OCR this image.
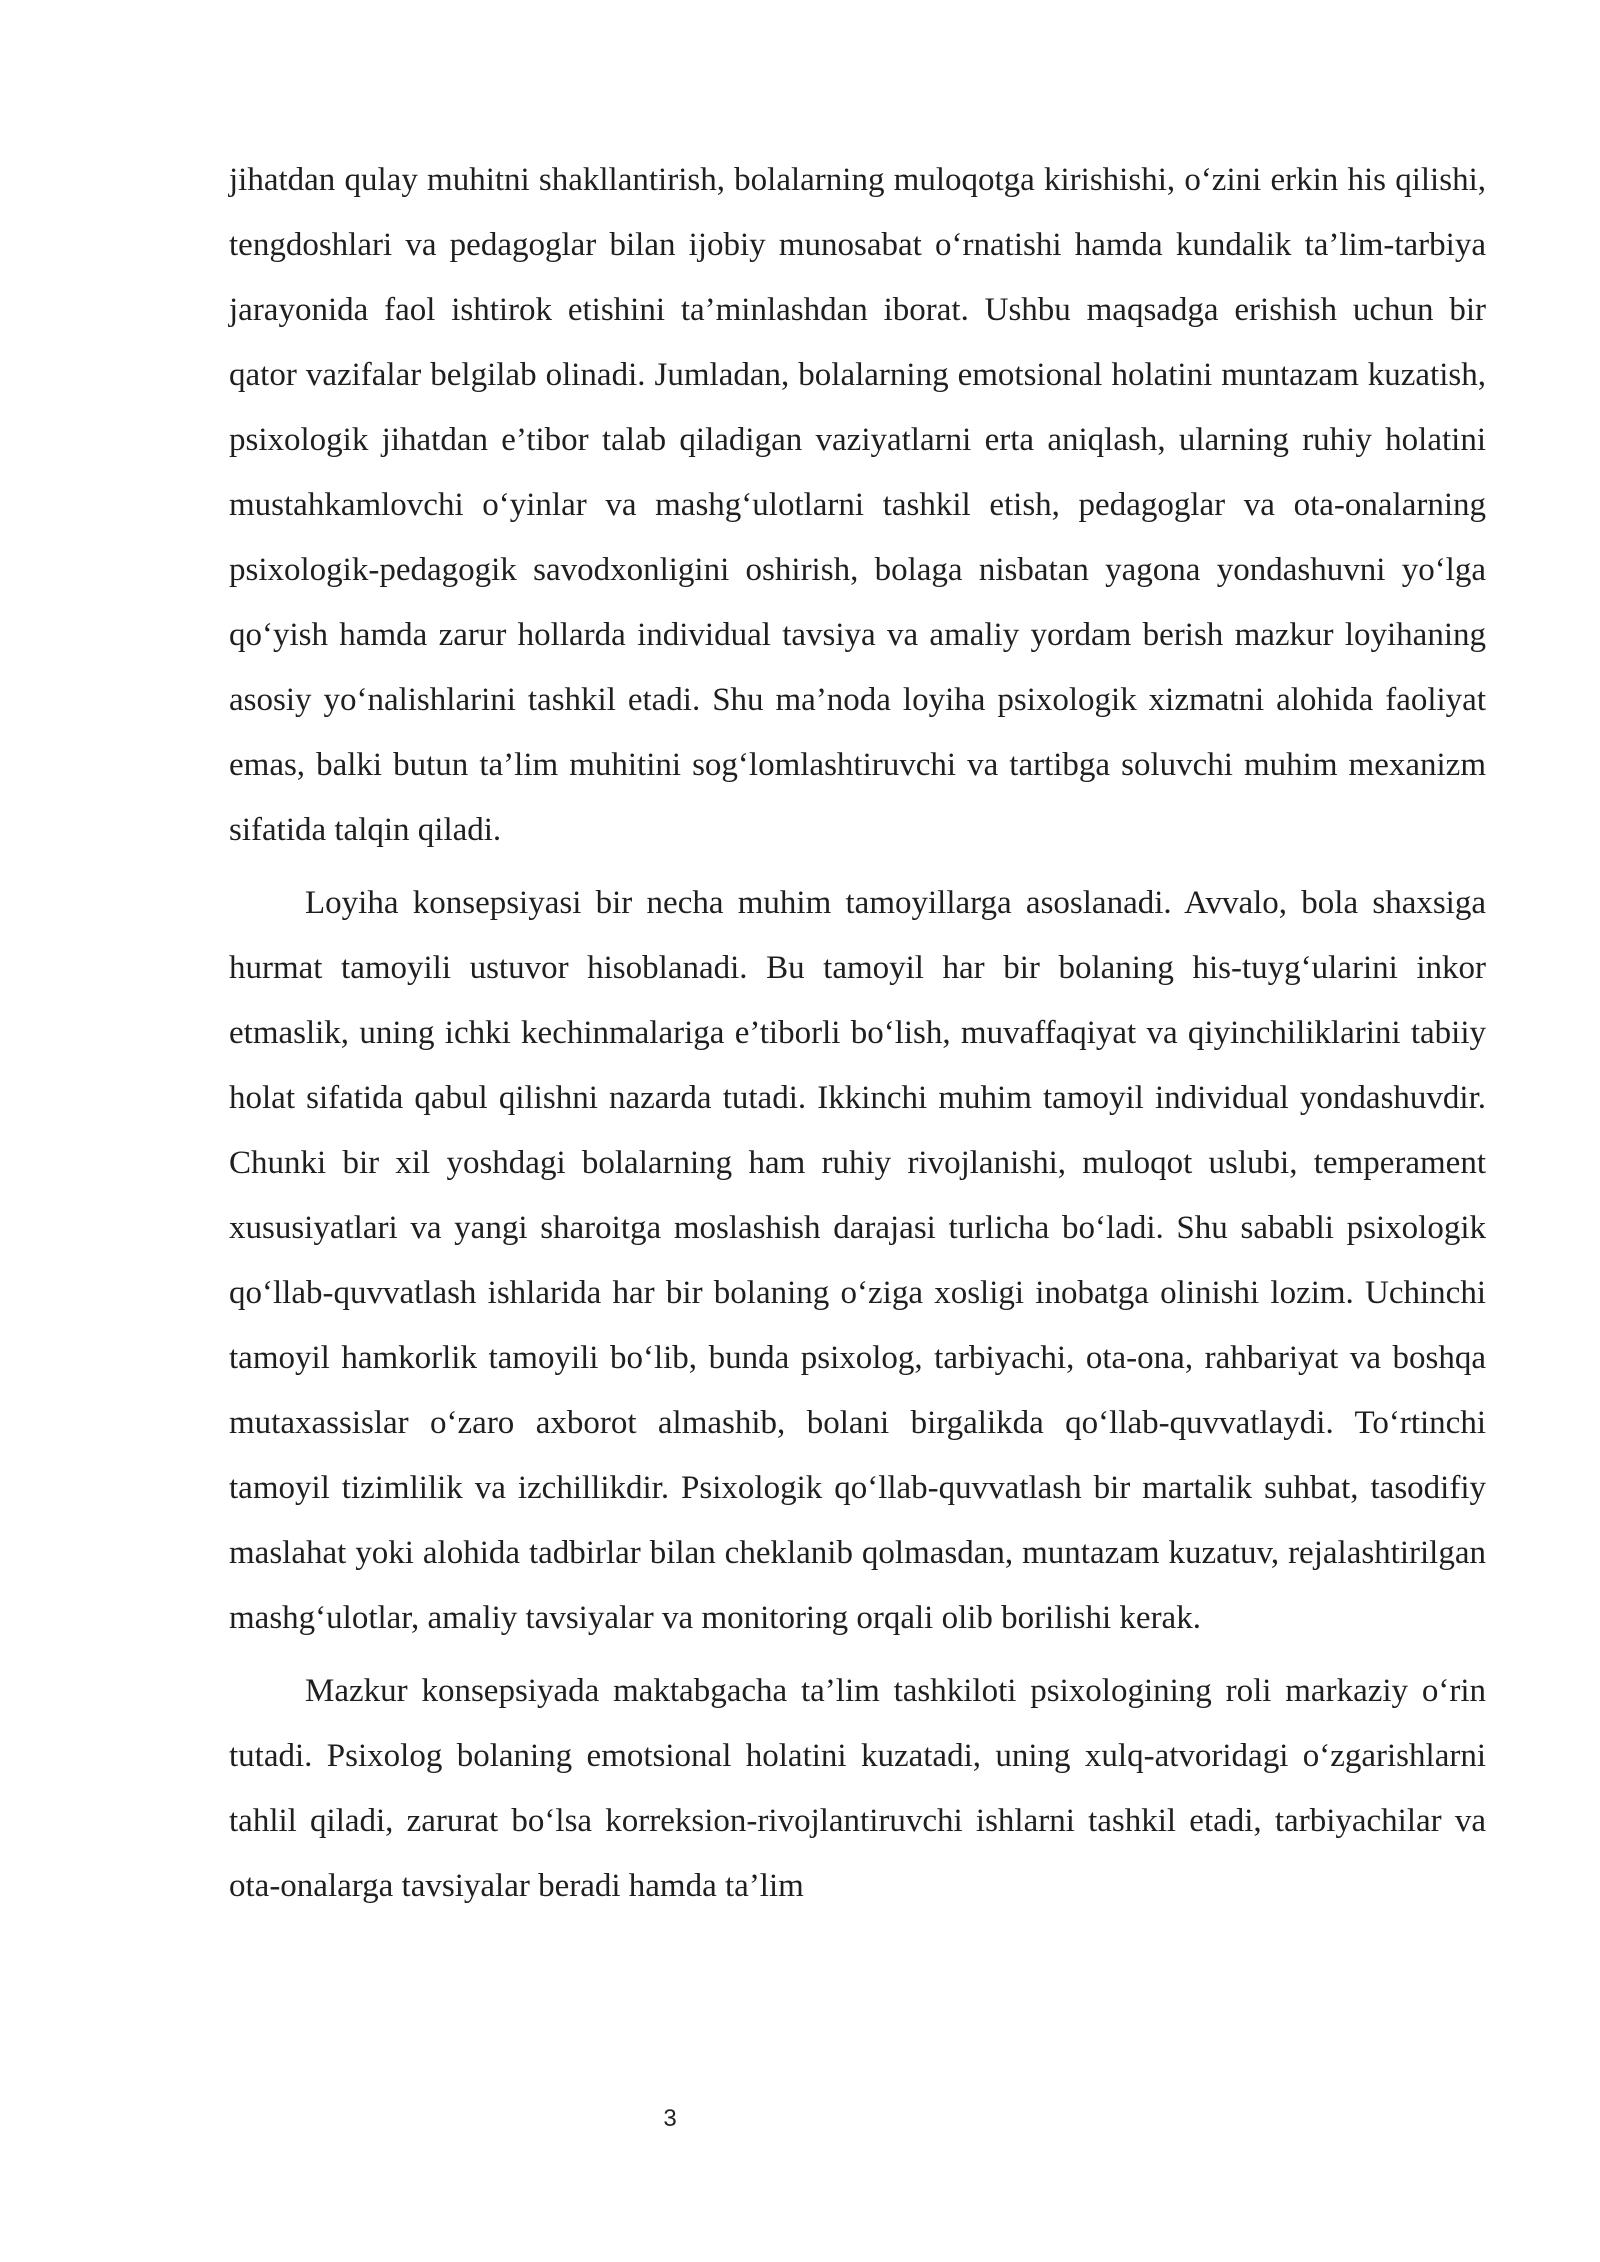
jihatdan qulay muhitni shakllantirish, bolalarning muloqotga kirishishi, o‘zini erkin his qilishi, tengdoshlari va pedagoglar bilan ijobiy munosabat o‘rnatishi hamda kundalik ta’lim-tarbiya jarayonida faol ishtirok etishini ta’minlashdan iborat. Ushbu maqsadga erishish uchun bir qator vazifalar belgilab olinadi. Jumladan, bolalarning emotsional holatini muntazam kuzatish, psixologik jihatdan e’tibor talab qiladigan vaziyatlarni erta aniqlash, ularning ruhiy holatini mustahkamlovchi o‘yinlar va mashg‘ulotlarni tashkil etish, pedagoglar va ota-onalarning psixologik-pedagogik savodxonligini oshirish, bolaga nisbatan yagona yondashuvni yo‘lga qo‘yish hamda zarur hollarda individual tavsiya va amaliy yordam berish mazkur loyihaning asosiy yo‘nalishlarini tashkil etadi. Shu ma’noda loyiha psixologik xizmatni alohida faoliyat emas, balki butun ta’lim muhitini sog‘lomlashtiruvchi va tartibga soluvchi muhim mexanizm sifatida talqin qiladi.

Loyiha konsepsiyasi bir necha muhim tamoyillarga asoslanadi. Avvalo, bola shaxsiga hurmat tamoyili ustuvor hisoblanadi. Bu tamoyil har bir bolaning his-tuyg‘ularini inkor etmaslik, uning ichki kechinmalariga e’tiborli bo‘lish, muvaffaqiyat va qiyinchiliklarini tabiiy holat sifatida qabul qilishni nazarda tutadi. Ikkinchi muhim tamoyil individual yondashuvdir. Chunki bir xil yoshdagi bolalarning ham ruhiy rivojlanishi, muloqot uslubi, temperament xususiyatlari va yangi sharoitga moslashish darajasi turlicha bo‘ladi. Shu sababli psixologik qo‘llab-quvvatlash ishlarida har bir bolaning o‘ziga xosligi inobatga olinishi lozim. Uchinchi tamoyil hamkorlik tamoyili bo‘lib, bunda psixolog, tarbiyachi, ota-ona, rahbariyat va boshqa mutaxassislar o‘zaro axborot almashib, bolani birgalikda qo‘llab-quvvatlaydi. To‘rtinchi tamoyil tizimlilik va izchillikdir. Psixologik qo‘llab-quvvatlash bir martalik suhbat, tasodifiy maslahat yoki alohida tadbirlar bilan cheklanib qolmasdan, muntazam kuzatuv, rejalashtirilgan mashg‘ulotlar, amaliy tavsiyalar va monitoring orqali olib borilishi kerak.

Mazkur konsepsiyada maktabgacha ta’lim tashkiloti psixologining roli markaziy o‘rin tutadi. Psixolog bolaning emotsional holatini kuzatadi, uning xulq-atvoridagi o‘zgarishlarni tahlil qiladi, zarurat bo‘lsa korreksion-rivojlantiruvchi ishlarni tashkil etadi, tarbiyachilar va ota-onalarga tavsiyalar beradi hamda ta’lim

3
